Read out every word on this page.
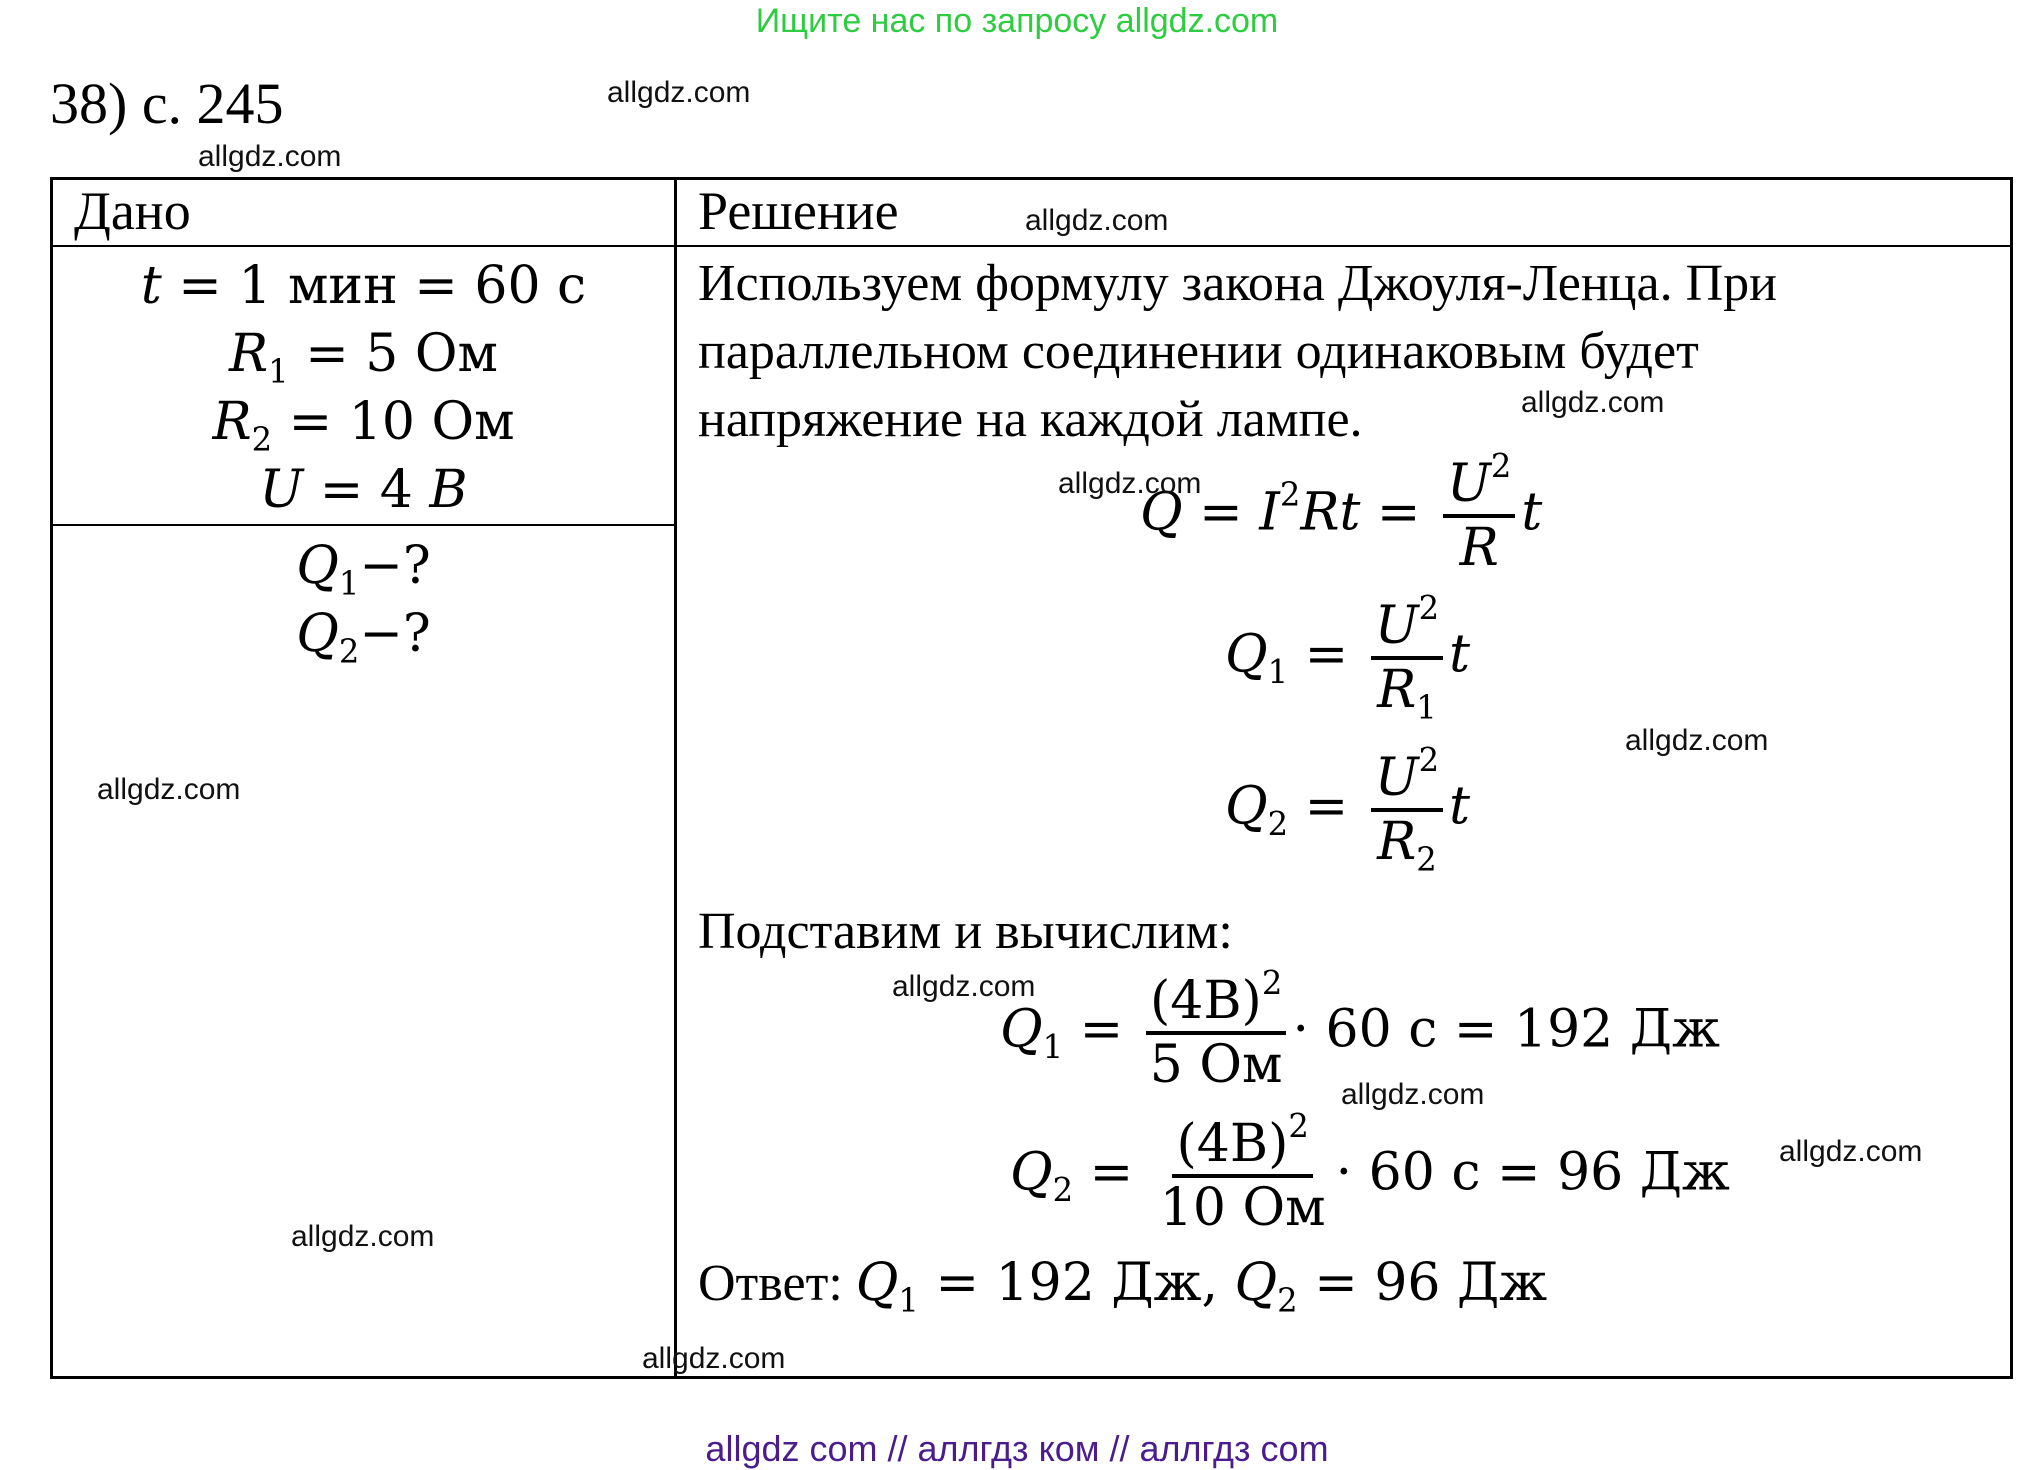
Ищите нас по запросу allgdz.com
38) с. 245
Дано	Решение
t = 1 мин = 60 с
$R_1 = 5$ Ом
$R_2 = 10$ Ом
U = 4 B
$Q_1-$?
$Q_2-$?
Используем формулу закона Джоуля-Ленца. При
параллельном соединении одинаковым будет
напряжение на каждой лампе.
$Q = I^2Rt = \frac{U^2}{R}$ t
$Q_1 = \frac{U^2}{R_1}$ t
$Q_2 = \frac{U^2}{R_2}$ t
Подставим и вычислим:
$Q_1 = \frac{(4В)^2}{5 Ом} \cdot 60$ с = 192 Дж
$Q_2 = \frac{(4В)^2}{10 Ом} \cdot 60$ с = 96 Дж
Ответ: $Q_1 = 192$ Дж, $Q_2 = 96$ Дж
allgdz.com
allgdz.com
allgdz.com
allgdz.com
allgdz.com
allgdz.com
allgdz.com
allgdz.com
allgdz.com
allgdz.com
allgdz.com
allgdz.com
allgdz com // аллгдз ком // аллгдз com
